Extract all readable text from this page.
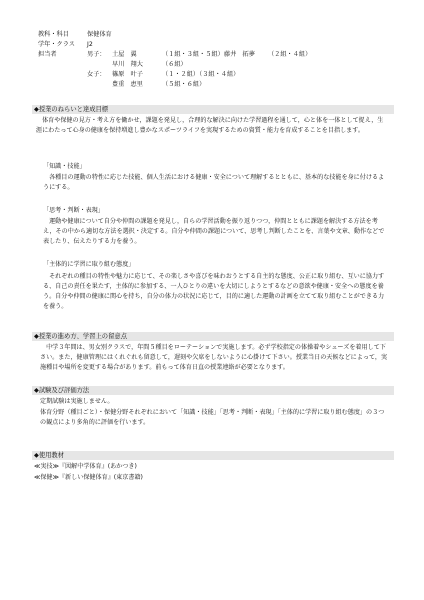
教科・科目	保健体育
学年・クラス	J2
担当者	男子：	土屋　翼	（１組・３組・５組） 藤井　拓夢	（２組・４組）
早川　翔大	（６組）
女子：	篠原　叶子	（１・２組）（３組・４組）
豊重　恵里	（５組・６組）
◆授業のねらいと達成目標
体育や保健の見方・考え方を働かせ，課題を発見し，合理的な解決に向けた学習過程を通して，心と体を一体として捉え，生涯にわたって心身の健康を保持増進し豊かなスポーツライフを実現するための資質・能力を育成することを目指します。
「知識・技能」
各種目の運動の特性に応じた技能、個人生活における健康・安全について理解するとともに、基本的な技能を身に付けるようにする。
「思考・判断・表現」
運動や健康について自分や仲間の課題を発見し，自らの学習活動を振り返りつつ，仲間とともに課題を解決する方法を考え，その中から適切な方法を選択・決定する。自分や仲間の課題について、思考し判断したことを、言葉や文章、動作などで表したり、伝えたりする力を養う。
「主体的に学習に取り組む態度」
それぞれの種目の特性や魅力に応じて、その楽しさや喜びを味わおうとする自主的な態度、公正に取り組む、互いに協力する、自己の責任を果たす，主体的に参加する、一人ひとりの違いを大切にしようとするなどの意欲や健康・安全への態度を養う。自分や仲間の健康に関心を持ち，自分の体力の状況に応じて，目的に適した運動の計画を立てて取り組むことができる力を養う。
◆授業の進め方、学習上の留意点
中学３年間は、男女別クラスで，年間５種目をローテーションで実施します。必ず学校指定の体操着やシューズを着用して下さい。また，健康管理にはくれぐれも留意して，遅刻や欠席をしないように心掛けて下さい。授業当日の天候などによって，実施種目や場所を変更する場合があります。前もって体育日直の授業連絡が必要となります。
◆試験及び評価方法
定期試験は実施しません。
体育分野（種目ごと）・保健分野それぞれにおいて「知識・技能」「思考・判断・表現」「主体的に学習に取り組む態度」の３つの観点により多角的に評価を行います。
◆使用教材
≪実技≫『図解中学体育』(あかつき)
≪保健≫『新しい保健体育』(東京書籍)
